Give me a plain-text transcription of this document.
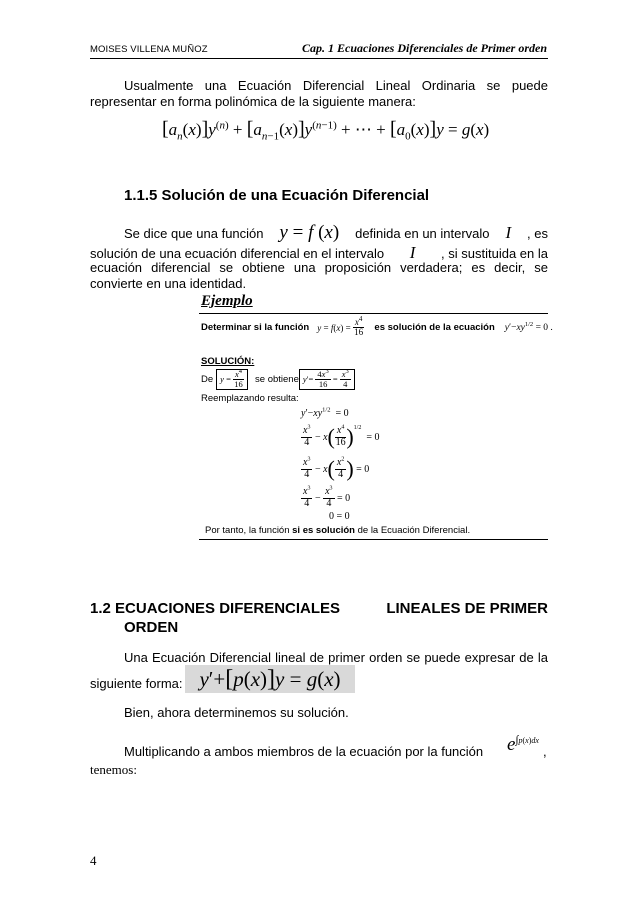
MOISES VILLENA MUÑOZ	Cap. 1 Ecuaciones Diferenciales de Primer orden
Usualmente una Ecuación Diferencial Lineal Ordinaria se puede
representar en forma polinómica de la siguiente manera:
$[a_n(x)]y^{(n)} + [a_{n-1}(x)]y^{(n-1)}$ + ⋯ + $[a_0(x)]y = g(x)$
1.1.5 Solución de una Ecuación Diferencial
Se dice que una función y = f (x) definida en un intervalo I , es
solución de una ecuación diferencial en el intervalo I , si sustituida en la
ecuación diferencial se obtiene una proposición verdadera; es decir, se
convierte en una identidad.
Ejemplo
Determinar si la función y = f ( x ) = $\frac{x^4}{16}$ es solución de la ecuación $y'-xy^{1/2} = 0$ .
SOLUCIÓN:
De $y = \frac{x^4}{16}$ se obtiene y ′= $\frac{4x^3}{16} = \frac{x^3}{4}$
Reemplazando resulta:
$y'-xy^{1/2} = 0$
$\frac{x^3}{4} - x$ ( $\frac{x^4}{16}$ ) 1/2
= 0
$\frac{x^3}{4} - x$ ( $\frac{x^2}{4}$ ) = 0
$\frac{x^3}{4} - \frac{x^3}{4} = 0$
0 = 0
Por tanto, la función si es solución de la Ecuación Diferencial.
1.2 ECUACIONES DIFERENCIALES	LINEALES DE PRIMER
ORDEN
Una Ecuación Diferencial lineal de primer orden se puede expresar de la
siguiente forma: y′+[p(x)]y = g(x)
Bien, ahora determinemos su solución.
Multiplicando a ambos miembros de la ecuación por la función $e^{\int p(x)dx}$
,
tenemos:
4
